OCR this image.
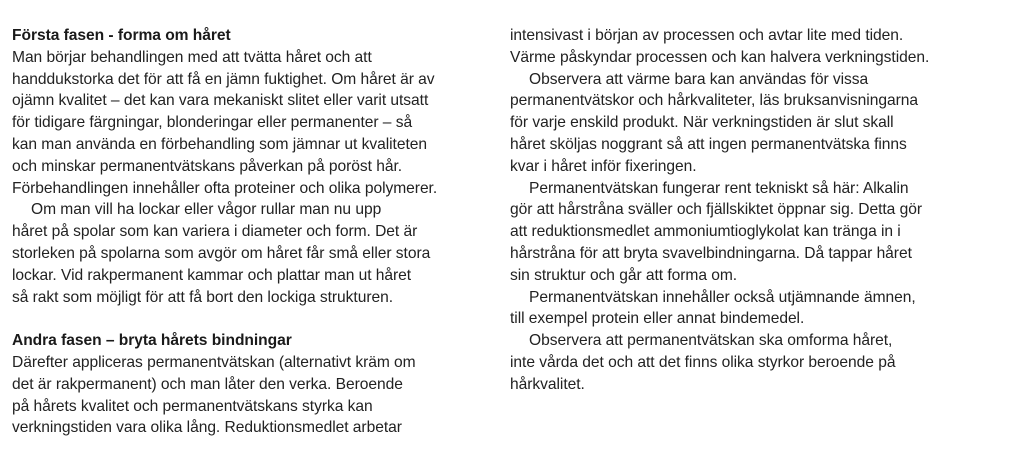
Första fasen - forma om håret
Man börjar behandlingen med att tvätta håret och att
handdukstorka det för att få en jämn fuktighet. Om håret är av
ojämn kvalitet – det kan vara mekaniskt slitet eller varit utsatt
för tidigare färgningar, blonderingar eller permanenter – så
kan man använda en förbehandling som jämnar ut kvaliteten
och minskar permanentvätskans påverkan på poröst hår.
Förbehandlingen innehåller ofta proteiner och olika polymerer.
Om man vill ha lockar eller vågor rullar man nu upp
håret på spolar som kan variera i diameter och form. Det är
storleken på spolarna som avgör om håret får små eller stora
lockar. Vid rakpermanent kammar och plattar man ut håret
så rakt som möjligt för att få bort den lockiga strukturen.
Andra fasen – bryta hårets bindningar
Därefter appliceras permanentvätskan (alternativt kräm om
det är rakpermanent) och man låter den verka. Beroende
på hårets kvalitet och permanentvätskans styrka kan
verkningstiden vara olika lång. Reduktionsmedlet arbetar
intensivast i början av processen och avtar lite med tiden.
Värme påskyndar processen och kan halvera verkningstiden.
Observera att värme bara kan användas för vissa
permanentvätskor och hårkvaliteter, läs bruksanvisningarna
för varje enskild produkt. När verkningstiden är slut skall
håret sköljas noggrant så att ingen permanentvätska finns
kvar i håret inför fixeringen.
Permanentvätskan fungerar rent tekniskt så här: Alkalin
gör att hårstråna sväller och fjällskiktet öppnar sig. Detta gör
att reduktionsmedlet ammoniumtioglykolat kan tränga in i
hårstråna för att bryta svavelbindningarna. Då tappar håret
sin struktur och går att forma om.
Permanentvätskan innehåller också utjämnande ämnen,
till exempel protein eller annat bindemedel.
Observera att permanentvätskan ska omforma håret,
inte vårda det och att det finns olika styrkor beroende på
hårkvalitet.
